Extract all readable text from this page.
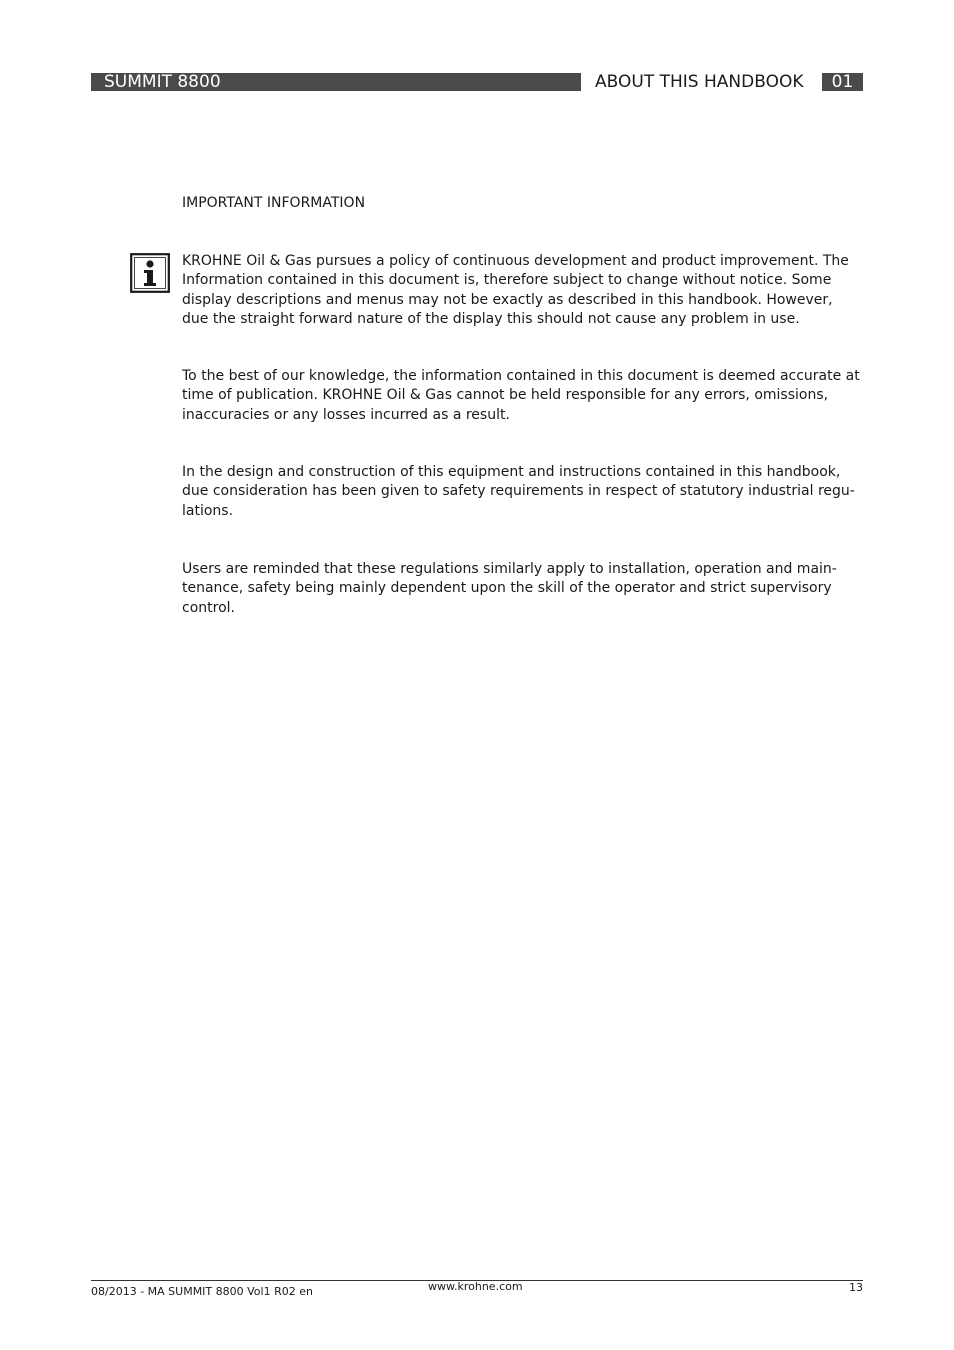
SUMMIT 8800	ABOUT THIS HANDBOOK	01
IMPORTANT INFORMATION
KROHNE Oil & Gas pursues a policy of continuous development and product improvement. The Information contained in this document is, therefore subject to change without notice. Some display descriptions and menus may not be exactly as described in this handbook. However, due the straight forward nature of the display this should not cause any problem in use.
To the best of our knowledge, the information contained in this document is deemed accurate at time of publication. KROHNE Oil & Gas cannot be held responsible for any errors, omissions, inaccuracies or any losses incurred as a result.
In the design and construction of this equipment and instructions contained in this handbook, due consideration has been given to safety requirements in respect of statutory industrial regu-lations.
Users are reminded that these regulations similarly apply to installation, operation and main-tenance, safety being mainly dependent upon the skill of the operator and strict supervisory control.
08/2013 - MA SUMMIT 8800 Vol1 R02 en	www.krohne.com	13
